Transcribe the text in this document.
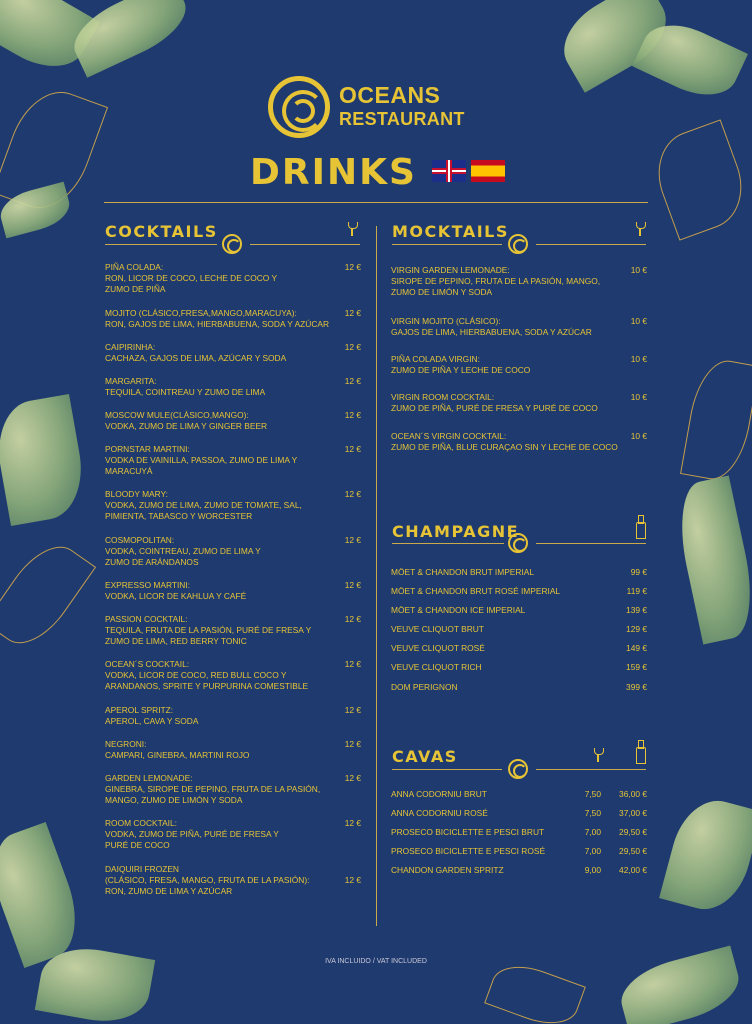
OCEANS
RESTAURANT
DRINKS
COCKTAILS	MOCKTAILS
PIÑA COLADA:
RON, LICOR DE COCO, LECHE DE COCO Y
ZUMO DE PIÑA
12 €
MOJITO (CLÁSICO,FRESA,MANGO,MARACUYA):
RON, GAJOS DE LIMA, HIERBABUENA, SODA Y AZÚCAR
12 €
CAIPIRINHA:
CACHAZA, GAJOS DE LIMA, AZÚCAR Y SODA
12 €
MARGARITA:
TEQUILA, COINTREAU Y ZUMO DE LIMA
12 €
MOSCOW MULE(CLÁSICO,MANGO):
VODKA, ZUMO DE LIMA Y GINGER BEER
12 €
PORNSTAR MARTINI:
VODKA DE VAINILLA, PASSOA, ZUMO DE LIMA Y
MARACUYÁ
12 €
BLOODY MARY:
VODKA, ZUMO DE LIMA, ZUMO DE TOMATE, SAL,
PIMIENTA, TABASCO Y WORCESTER
12 €
COSMOPOLITAN:
VODKA, COINTREAU, ZUMO DE LIMA Y
ZUMO DE ARÁNDANOS
12 €
EXPRESSO MARTINI:
VODKA, LICOR DE KAHLUA Y CAFÉ
12 €
PASSION COCKTAIL:
TEQUILA, FRUTA DE LA PASIÓN, PURÉ DE FRESA Y
ZUMO DE LIMA, RED BERRY TONIC
12 €
OCEAN´S COCKTAIL:
VODKA, LICOR DE COCO, RED BULL COCO Y
ARANDANOS, SPRITE Y PURPURINA COMESTIBLE
12 €
APEROL SPRITZ:
APEROL, CAVA Y SODA
12 €
NEGRONI:
CAMPARI, GINEBRA, MARTINI ROJO
12 €
GARDEN LEMONADE:
GINEBRA, SIROPE DE PEPINO, FRUTA DE LA PASIÓN,
MANGO, ZUMO DE LIMÓN Y SODA
12 €
ROOM COCKTAIL:
VODKA, ZUMO DE PIÑA, PURÉ DE FRESA Y
PURÉ DE COCO
12 €
DAIQUIRI FROZEN
(CLÁSICO, FRESA, MANGO, FRUTA DE LA PASIÓN):
RON, ZUMO DE LIMA Y AZÚCAR
12 €
VIRGIN GARDEN LEMONADE:
SIROPE DE PEPINO, FRUTA DE LA PASIÓN, MANGO,
ZUMO DE LIMÓN Y SODA
10 €
VIRGIN MOJITO (CLÁSICO):
GAJOS DE LIMA, HIERBABUENA, SODA Y AZÚCAR
10 €
PIÑA COLADA VIRGIN:
ZUMO DE PIÑA Y LECHE DE COCO
10 €
VIRGIN ROOM COCKTAIL:
ZUMO DE PIÑA, PURÉ DE FRESA Y PURÉ DE COCO
10 €
OCEAN´S VIRGIN COCKTAIL:
ZUMO DE PIÑA, BLUE CURAÇAO SIN Y LECHE DE COCO
10 €
CHAMPAGNE
MÖET & CHANDON BRUT IMPERIAL	99 €
MÖET & CHANDON BRUT ROSÉ IMPERIAL	119 €
MÖET & CHANDON ICE IMPERIAL	139 €
VEUVE CLIQUOT BRUT	129 €
VEUVE CLIQUOT ROSÉ	149 €
VEUVE CLIQUOT RICH	159 €
DOM PERIGNON	399 €
CAVAS
ANNA CODORNIU BRUT	7,50 36,00 €
ANNA CODORNIU ROSÉ	7,50 37,00 €
PROSECO BICICLETTE E PESCI BRUT	7,00 29,50 €
PROSECO BICICLETTE E PESCI ROSÉ	7,00 29,50 €
CHANDON GARDEN SPRITZ	9,00 42,00 €
IVA INCLUIDO / VAT INCLUDED
